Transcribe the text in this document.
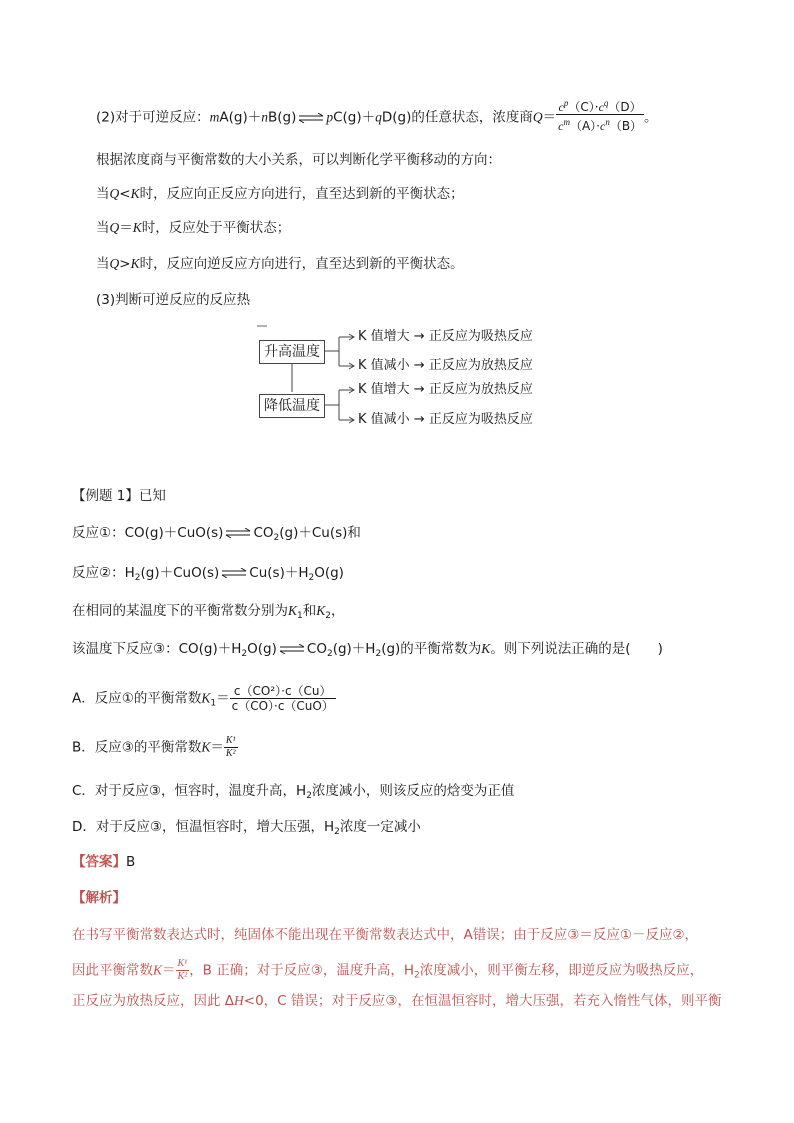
(2)对于可逆反应：mA(g)＋nB(g) ⇌ pC(g)＋qD(g)的任意状态，浓度商$Q= \frac{c^p(C)\cdot c^q(D)}{c^m(A)\cdot c^n(B)}$ 。
根据浓度商与平衡常数的大小关系，可以判断化学平衡移动的方向：
当Q<K时，反应向正反应方向进行，直至达到新的平衡状态；
当Q＝K时，反应处于平衡状态；
当Q>K时，反应向逆反应方向进行，直至达到新的平衡状态。
(3)判断可逆反应的反应热
升高温度
降低温度
K 值增大 → 正反应为吸热反应
K 值减小 → 正反应为放热反应
K 值增大 → 正反应为放热反应
K 值减小 → 正反应为吸热反应
【例题 1】已知
反应①：CO(g)＋CuO(s) ⇌ $CO_2(g)+Cu(s)$和
反应②：$H_2(g)+CuO(s)$ ⇌ $Cu(s)+H_2O(g)$
在相同的某温度下的平衡常数分别为$K_1$和$K_2$，
该温度下反应③：$CO(g)+H_2O(g)$ ⇌ $CO_2(g)+H_2(g)$的平衡常数为K。则下列说法正确的是(　　)
A．反应①的平衡常数$K_1= \frac{\text{c（CO²）·c（Cu）}}{\text{c（CO）·c（CuO）}}$
B．反应③的平衡常数$K= \frac{\text{K¹}}{\text{K²}}$
C．对于反应③，恒容时，温度升高，$H_2$浓度减小，则该反应的焓变为正值
D．对于反应③，恒温恒容时，增大压强，$H_2$浓度一定减小
【答案】B
【解析】
在书写平衡常数表达式时，纯固体不能出现在平衡常数表达式中，A错误；由于反应③＝反应①－反应②，
因此平衡常数$K= \frac{\text{K¹}}{\text{K²}}$ ，B 正确；对于反应③，温度升高，$H_2$浓度减小，则平衡左移，即逆反应为吸热反应，
正反应为放热反应，因此 ΔH<0，C 错误；对于反应③，在恒温恒容时，增大压强，若充入惰性气体，则平衡
